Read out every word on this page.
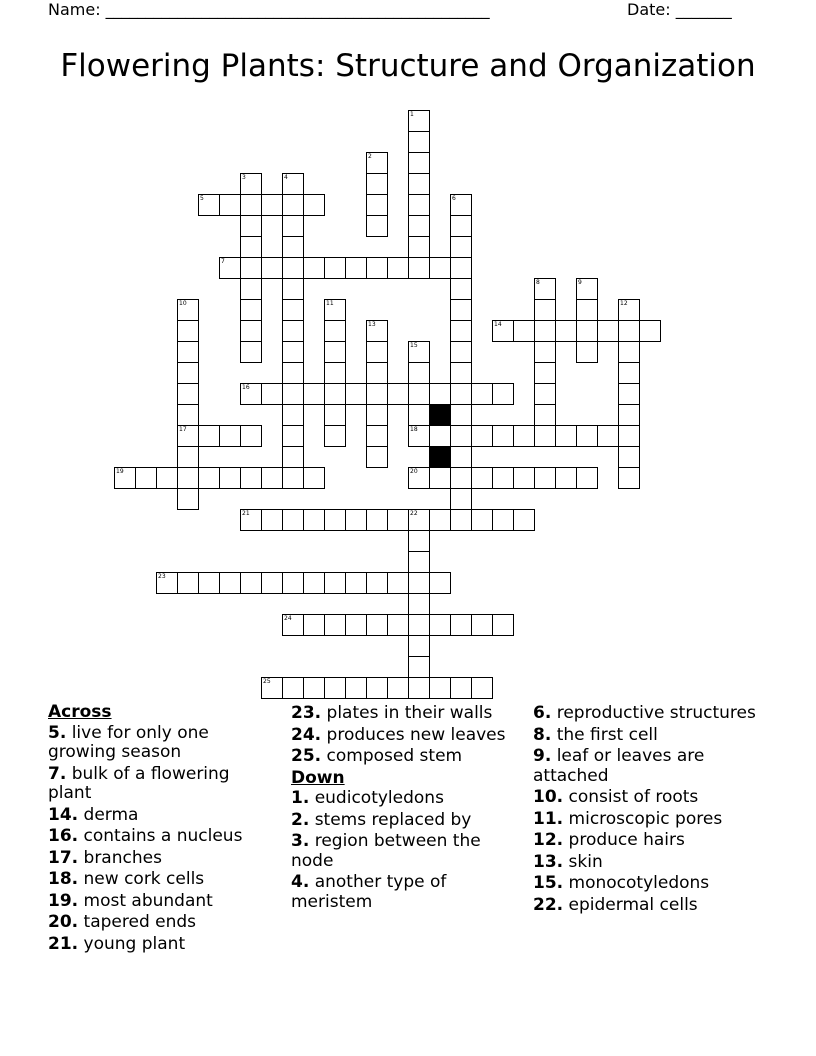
Name: ________________________________________________	Date: _______
Flowering Plants: Structure and Organization
1
2
3	4
5	6
7
8	9
10	11	12
13	14
15
16
17	18
19	20
21	22
23
24
25
Across
5. live for only one growing season
7. bulk of a flowering plant
14. derma
16. contains a nucleus
17. branches
18. new cork cells
19. most abundant
20. tapered ends
21. young plant
23. plates in their walls
24. produces new leaves
25. composed stem
Down
1. eudicotyledons
2. stems replaced by
3. region between the node
4. another type of meristem
6. reproductive structures
8. the first cell
9. leaf or leaves are attached
10. consist of roots
11. microscopic pores
12. produce hairs
13. skin
15. monocotyledons
22. epidermal cells
